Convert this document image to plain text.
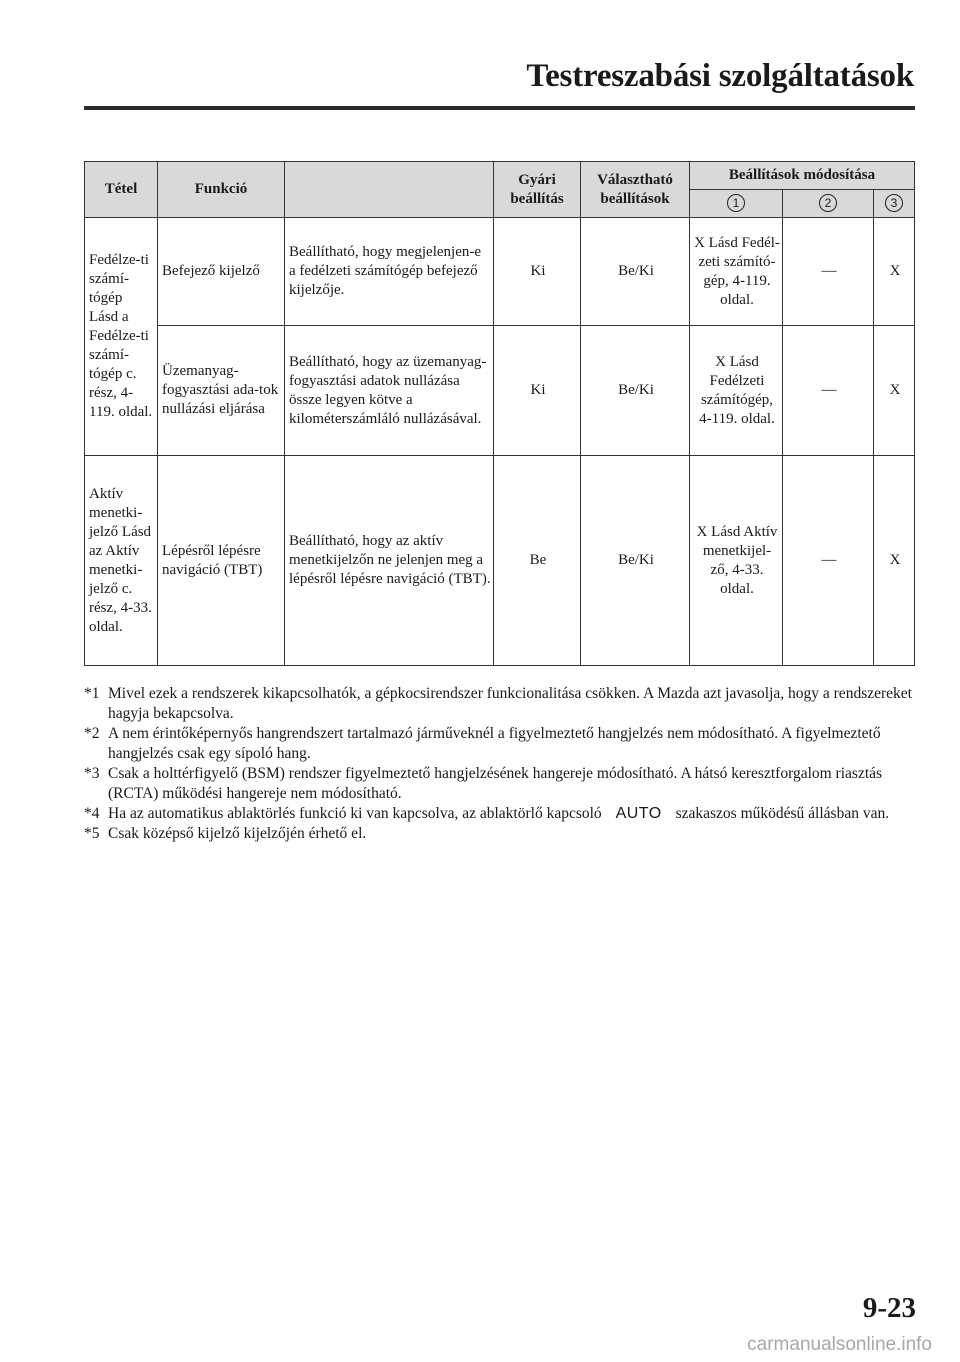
Testreszabási szolgáltatások
Tétel	Funkció		Gyári beállítás	Választható beállítások	Beállítások módosítása		
					1	2	3
Fedélze-ti számí-tógép Lásd a Fedélze-ti számí-tógép c. rész, 4-119. oldal.	Befejező kijelző	Beállítható, hogy megjelenjen-e a fedélzeti számítógép befejező kijelzője.	Ki	Be/Ki	X Lásd Fedél-zeti számító-gép, 4-119. oldal.	—	X
	Üzemanyag-fogyasztási ada-tok nullázási eljárása	Beállítható, hogy az üzemanyag-fogyasztási adatok nullázása össze legyen kötve a kilométerszámláló nullázásával.	Ki	Be/Ki	X Lásd Fedélzeti számítógép, 4-119. oldal.	—	X
Aktív menetki-jelző Lásd az Aktív menetki-jelző c. rész, 4-33. oldal.	Lépésről lépésre navigáció (TBT)	Beállítható, hogy az aktív menetkijelzőn ne jelenjen meg a lépésről lépésre navigáció (TBT).	Be	Be/Ki	X Lásd Aktív menetkijel-ző, 4-33. oldal.	—	X
*1 Mivel ezek a rendszerek kikapcsolhatók, a gépkocsirendszer funkcionalitása csökken. A Mazda azt javasolja, hogy a rendszereket hagyja bekapcsolva.
*2 A nem érintőképernyős hangrendszert tartalmazó járműveknél a figyelmeztető hangjelzés nem módosítható. A figyelmeztető hangjelzés csak egy sípoló hang.
*3 Csak a holttérfigyelő (BSM) rendszer figyelmeztető hangjelzésének hangereje módosítható. A hátsó keresztforgalom riasztás (RCTA) működési hangereje nem módosítható.
*4 Ha az automatikus ablaktörlés funkció ki van kapcsolva, az ablaktörlő kapcsoló AUTO szakaszos működésű állásban van.
*5 Csak középső kijelző kijelzőjén érhető el.
9-23
carmanualsonline.info
